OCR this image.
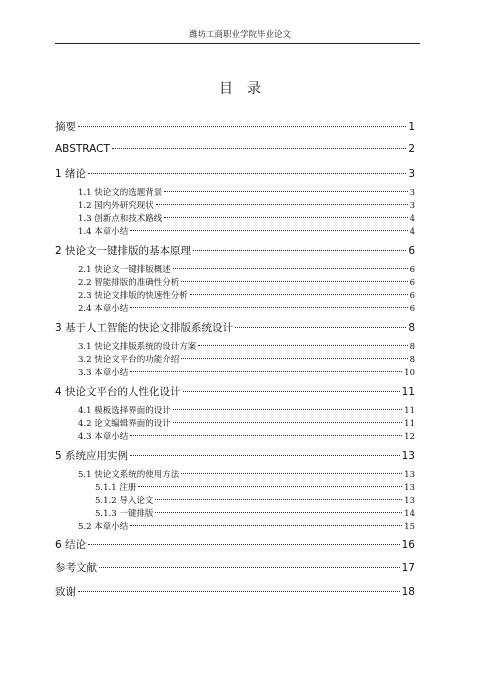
潍坊工商职业学院毕业论文
目录
摘要	1
ABSTRACT	2
1 绪论	3
1.1 快论文的选题背景	3
1.2 国内外研究现状	3
1.3 创新点和技术路线	4
1.4 本章小结	4
2 快论文一键排版的基本原理	6
2.1 快论文一键排版概述	6
2.2 智能排版的准确性分析	6
2.3 快论文排版的快速性分析	6
2.4 本章小结	6
3 基于人工智能的快论文排版系统设计	8
3.1 快论文排版系统的设计方案	8
3.2 快论文平台的功能介绍	8
3.3 本章小结	10
4 快论文平台的人性化设计	11
4.1 模板选择界面的设计	11
4.2 论文编辑界面的设计	11
4.3 本章小结	12
5 系统应用实例	13
5.1 快论文系统的使用方法	13
5.1.1 注册	13
5.1.2 导入论文	13
5.1.3 一键排版	14
5.2 本章小结	15
6 结论	16
参考文献	17
致谢	18
